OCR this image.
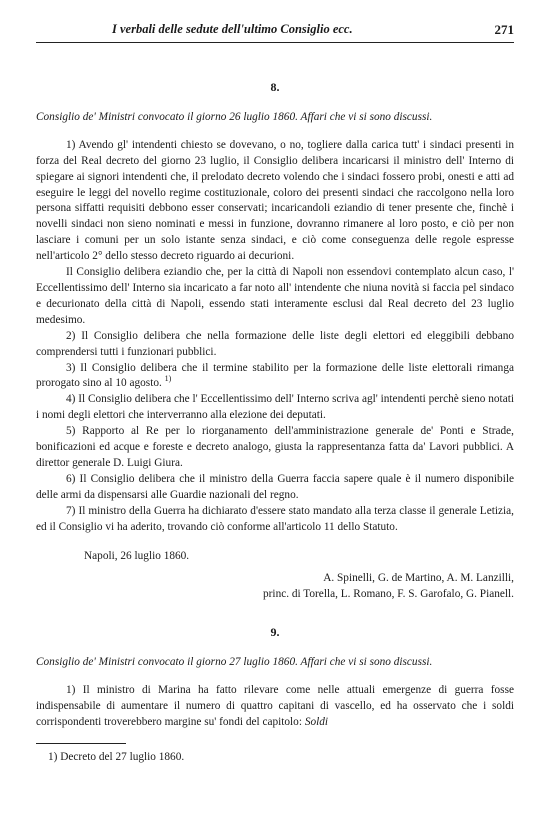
I verbali delle sedute dell'ultimo Consiglio ecc.	271
8.
Consiglio de' Ministri convocato il giorno 26 luglio 1860. Affari che vi si sono discussi.

1) Avendo gl' intendenti chiesto se dovevano, o no, togliere dalla carica tutt' i sindaci presenti in forza del Real decreto del giorno 23 luglio, il Consiglio delibera incaricarsi il ministro dell' Interno di spiegare ai signori intendenti che, il prelodato decreto volendo che i sindaci fossero probi, onesti e atti ad eseguire le leggi del novello regime costituzionale, coloro dei presenti sindaci che raccolgono nella loro persona siffatti requisiti debbono esser conservati; incaricandoli eziandio di tener presente che, finchè i novelli sindaci non sieno nominati e messi in funzione, dovranno rimanere al loro posto, e ciò per non lasciare i comuni per un solo istante senza sindaci, e ciò come conseguenza delle regole espresse nell'articolo 2° dello stesso decreto riguardo ai decurioni.

Il Consiglio delibera eziandio che, per la città di Napoli non essendovi contemplato alcun caso, l' Eccellentissimo dell' Interno sia incaricato a far noto all' intendente che niuna novità si faccia pel sindaco e decurionato della città di Napoli, essendo stati interamente esclusi dal Real decreto del 23 luglio medesimo.

2) Il Consiglio delibera che nella formazione delle liste degli elettori ed eleggibili debbano comprendersi tutti i funzionari pubblici.

3) Il Consiglio delibera che il termine stabilito per la formazione delle liste elettorali rimanga prorogato sino al 10 agosto. $^{1)}$

4) Il Consiglio delibera che l' Eccellentissimo dell' Interno scriva agl' intendenti perchè sieno notati i nomi degli elettori che interverranno alla elezione dei deputati.

5) Rapporto al Re per lo riorganamento dell'amministrazione generale de' Ponti e Strade, bonificazioni ed acque e foreste e decreto analogo, giusta la rappresentanza fatta da' Lavori pubblici. A direttor generale D. Luigi Giura.

6) Il Consiglio delibera che il ministro della Guerra faccia sapere quale è il numero disponibile delle armi da dispensarsi alle Guardie nazionali del regno.

7) Il ministro della Guerra ha dichiarato d'essere stato mandato alla terza classe il generale Letizia, ed il Consiglio vi ha aderito, trovando ciò conforme all'articolo 11 dello Statuto.

Napoli, 26 luglio 1860.

A. Spinelli, G. de Martino, A. M. Lanzilli,

princ. di Torella, L. Romano, F. S. Garofalo, G. Pianell.

9.
Consiglio de' Ministri convocato il giorno 27 luglio 1860. Affari che vi si sono discussi.

1) Il ministro di Marina ha fatto rilevare come nelle attuali emergenze di guerra fosse indispensabile di aumentare il numero di quattro capitani di vascello, ed ha osservato che i soldi corrispondenti troverebbero margine su' fondi del capitolo: Soldi

1) Decreto del 27 luglio 1860.
